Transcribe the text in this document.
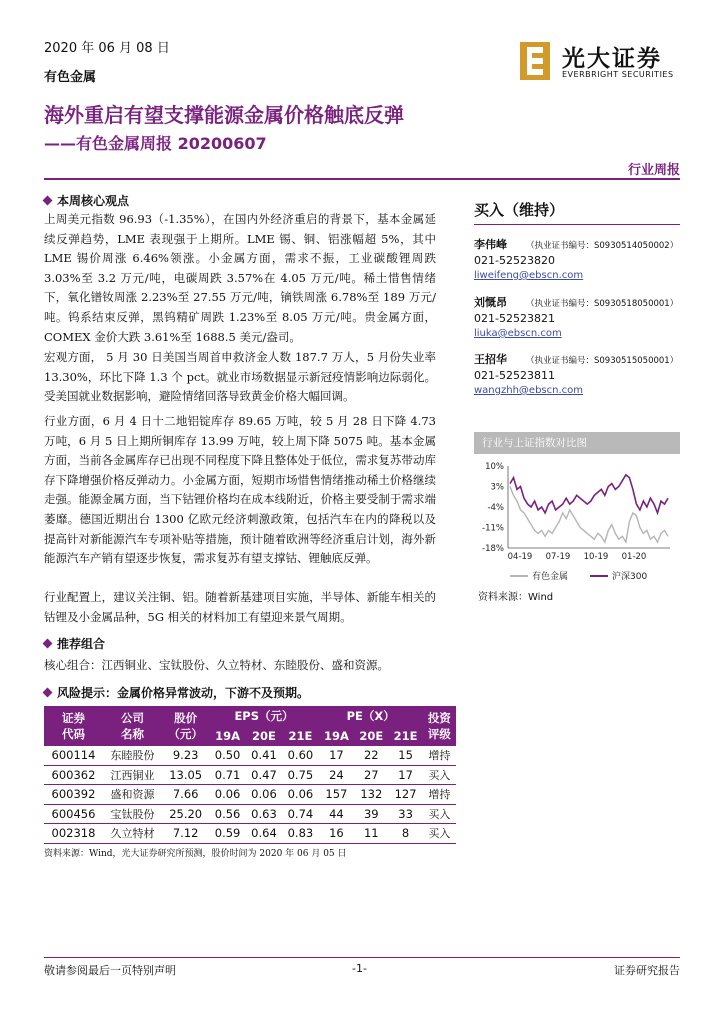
2020 年 06 月 08 日
有色金属
光大证券
EVERBRIGHT SECURITIES
海外重启有望支撑能源金属价格触底反弹
——有色金属周报 20200607
行业周报
本周核心观点
上周美元指数 96.93（-1.35%），在国内外经济重启的背景下，基本金属延续反弹趋势，LME 表现强于上期所。LME 锡、铜、铝涨幅超 5%，其中 LME 锡价周涨 6.46%领涨。小金属方面，需求不振，工业碳酸锂周跌 3.03%至 3.2 万元/吨，电碳周跌 3.57%在 4.05 万元/吨。稀土惜售情绪下，氧化镨钕周涨 2.23%至 27.55 万元/吨，镝铁周涨 6.78%至 189 万元/吨。钨系结束反弹，黑钨精矿周跌 1.23%至 8.05 万元/吨。贵金属方面，COMEX 金价大跌 3.61%至 1688.5 美元/盎司。
宏观方面， 5 月 30 日美国当周首申救济金人数 187.7 万人，5 月份失业率 13.30%，环比下降 1.3 个 pct。就业市场数据显示新冠疫情影响边际弱化。受美国就业数据影响，避险情绪回落导致黄金价格大幅回调。
行业方面，6 月 4 日十二地铝锭库存 89.65 万吨，较 5 月 28 日下降 4.73 万吨，6 月 5 日上期所铜库存 13.99 万吨，较上周下降 5075 吨。基本金属方面，当前各金属库存已出现不同程度下降且整体处于低位，需求复苏带动库存下降增强价格反弹动力。小金属方面，短期市场惜售情绪推动稀土价格继续走强。能源金属方面，当下钴锂价格均在成本线附近，价格主要受制于需求端萎靡。德国近期出台 1300 亿欧元经济刺激政策，包括汽车在内的降税以及提高针对新能源汽车专项补贴等措施，预计随着欧洲等经济重启计划，海外新能源汽车产销有望逐步恢复，需求复苏有望支撑钴、锂触底反弹。
行业配置上，建议关注铜、铝。随着新基建项目实施，半导体、新能车相关的钴锂及小金属品种，5G 相关的材料加工有望迎来景气周期。
推荐组合
核心组合：江西铜业、宝钛股份、久立特材、东睦股份、盛和资源。
风险提示：金属价格异常波动，下游不及预期。
买入（维持）
李伟峰 （执业证书编号：S0930514050002）
021-52523820
liweifeng@ebscn.com
刘慨昂 （执业证书编号：S0930518050001）
021-52523821
liuka@ebscn.com
王招华 （执业证书编号：S0930515050001）
021-52523811
wangzhh@ebscn.com
行业与上证指数对比图
10%
3%
-4%
-11%
-18%
04-19 07-19 10-19 01-20
有色金属	沪深300
资料来源：Wind
证券
代码	公司
名称	股价
（元）	EPS（元）			PE（X）			投资
评级
			19A	20E	21E	19A	20E	21E	
600114	东睦股份	9.23	0.50	0.41	0.60	17	22	15	增持
600362	江西铜业	13.05	0.71	0.47	0.75	24	27	17	买入
600392	盛和资源	7.66	0.06	0.06	0.06	157	132	127	增持
600456	宝钛股份	25.20	0.56	0.63	0.74	44	39	33	买入
002318	久立特材	7.12	0.59	0.64	0.83	16	11	8	买入
资料来源：Wind，光大证券研究所预测，股价时间为 2020 年 06 月 05 日
敬请参阅最后一页特别声明	-1-	证券研究报告
